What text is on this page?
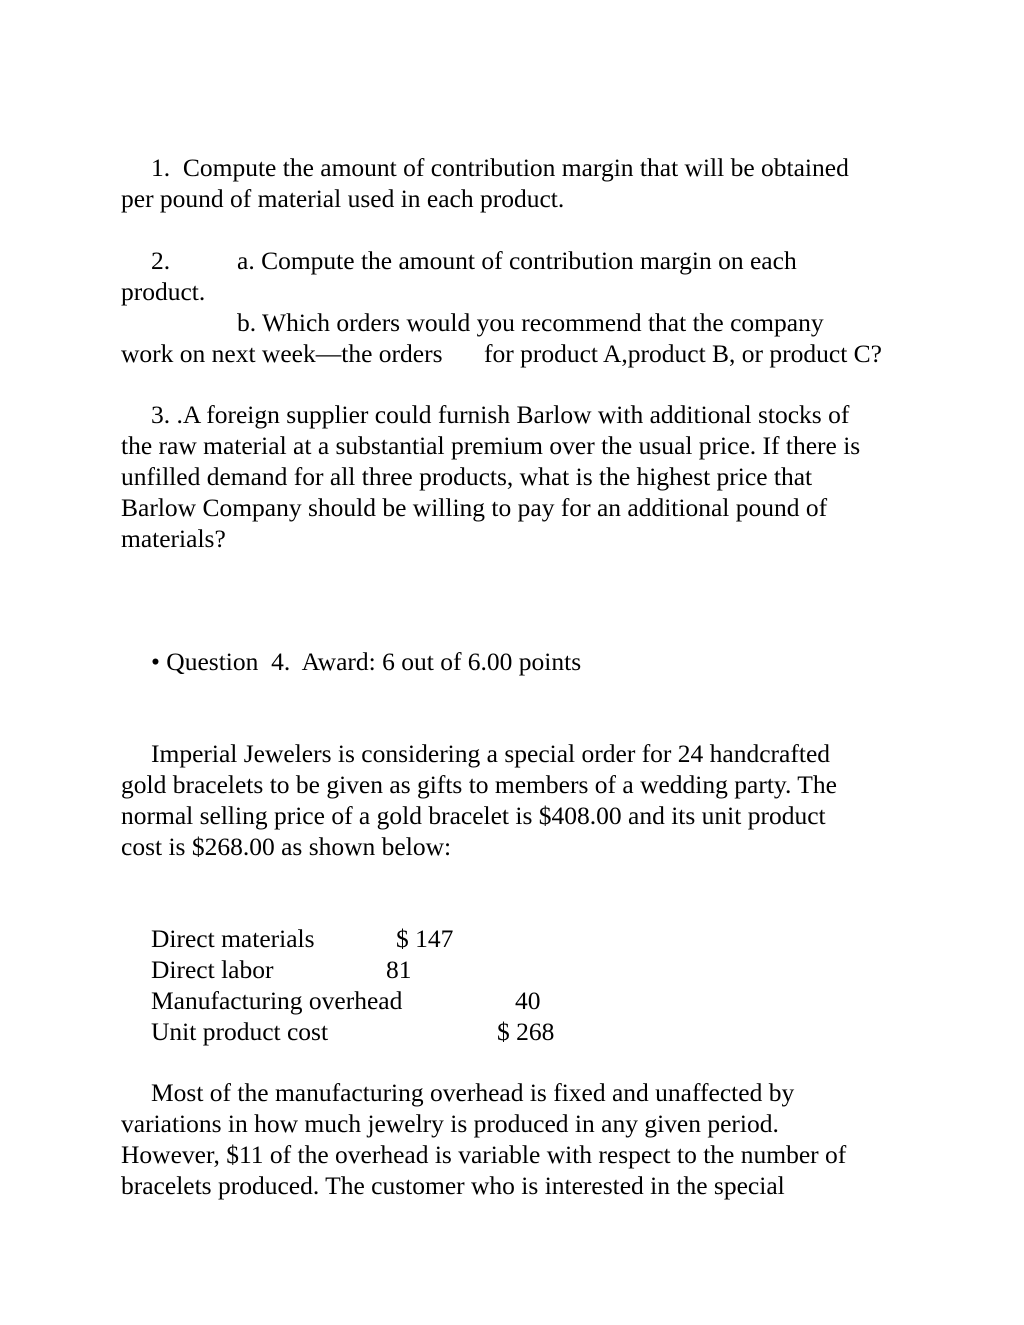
1.  Compute the amount of contribution margin that will be obtained
per pound of material used in each product.
2.	a. Compute the amount of contribution margin on each
product.
b. Which orders would you recommend that the company
work on next week—the orders for product A,product B, or product C?
3. .A foreign supplier could furnish Barlow with additional stocks of
the raw material at a substantial premium over the usual price. If there is
unfilled demand for all three products, what is the highest price that
Barlow Company should be willing to pay for an additional pound of
materials?
• Question  4.  Award: 6 out of 6.00 points
Imperial Jewelers is considering a special order for 24 handcrafted
gold bracelets to be given as gifts to members of a wedding party. The
normal selling price of a gold bracelet is $408.00 and its unit product
cost is $268.00 as shown below:
Direct materials	$ 147
Direct labor	81
Manufacturing overhead	40
Unit product cost	$ 268
Most of the manufacturing overhead is fixed and unaffected by
variations in how much jewelry is produced in any given period.
However, $11 of the overhead is variable with respect to the number of
bracelets produced. The customer who is interested in the special
